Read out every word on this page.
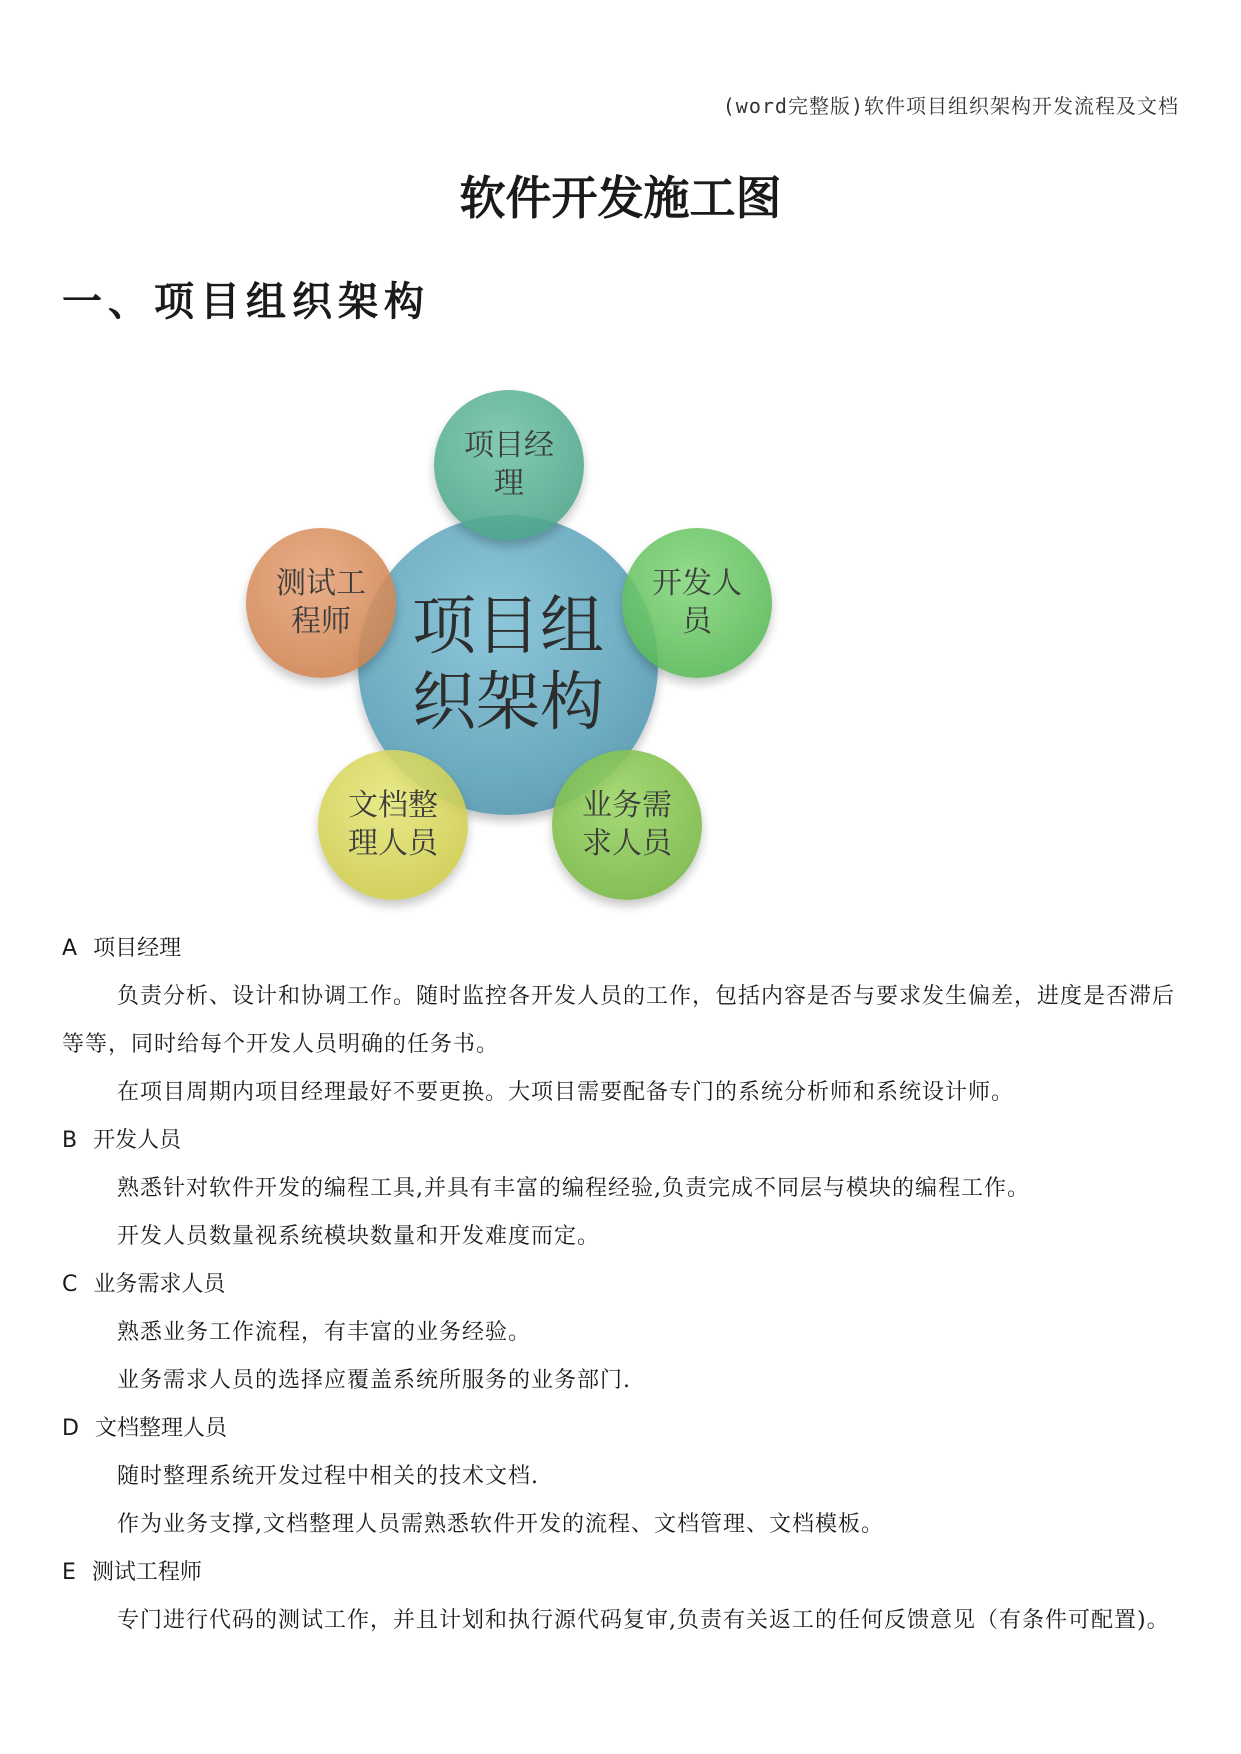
(word完整版)软件项目组织架构开发流程及文档
软件开发施工图
一、项目组织架构
项目组
织架构
项目经
理
开发人
员
业务需
求人员
文档整
理人员
测试工
程师
A 项目经理

负责分析、设计和协调工作。随时监控各开发人员的工作，包括内容是否与要求发生偏差，进度是否滞后等等，同时给每个开发人员明确的任务书。

在项目周期内项目经理最好不要更换。大项目需要配备专门的系统分析师和系统设计师。

B 开发人员

熟悉针对软件开发的编程工具,并具有丰富的编程经验,负责完成不同层与模块的编程工作。

开发人员数量视系统模块数量和开发难度而定。

C 业务需求人员

熟悉业务工作流程，有丰富的业务经验。

业务需求人员的选择应覆盖系统所服务的业务部门.

D 文档整理人员

随时整理系统开发过程中相关的技术文档.

作为业务支撑,文档整理人员需熟悉软件开发的流程、文档管理、文档模板。

E 测试工程师

专门进行代码的测试工作，并且计划和执行源代码复审,负责有关返工的任何反馈意见（有条件可配置)。
